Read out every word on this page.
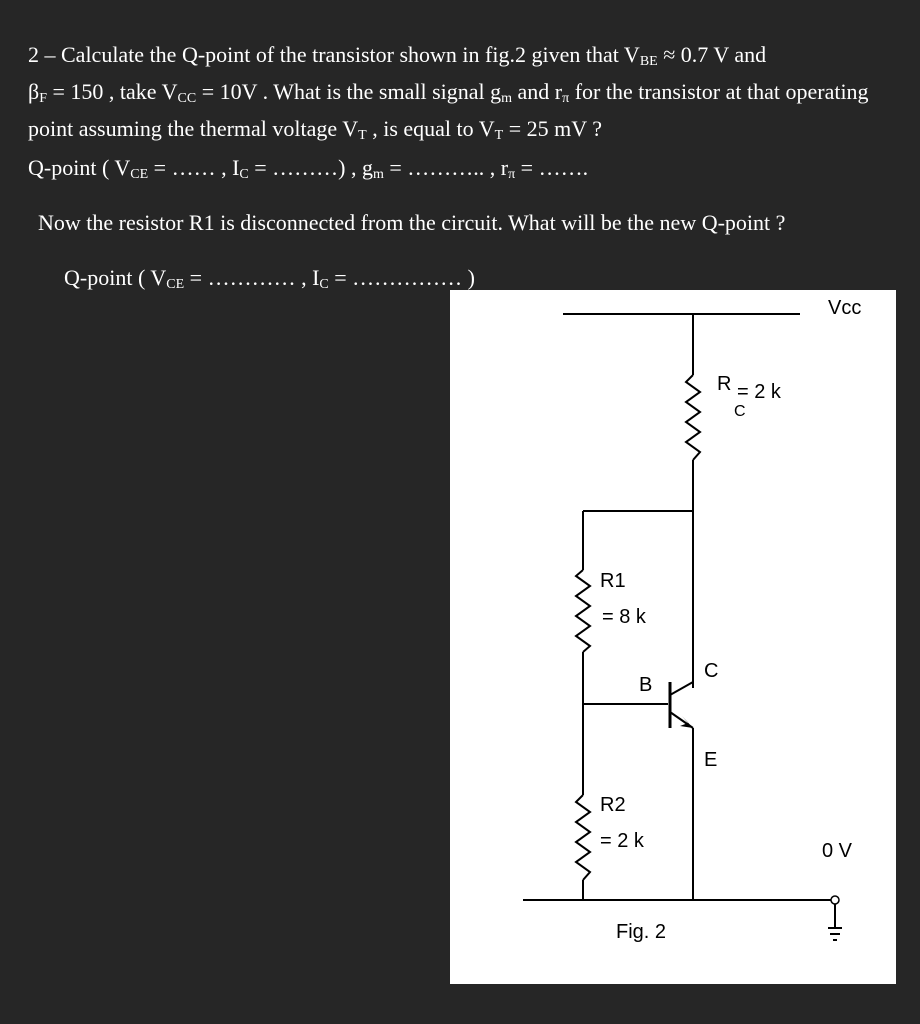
2 – Calculate the Q-point of the transistor shown in fig.2 given that $V_{BE} \approx 0.7$ V and
$\beta_F = 150$ , take $V_{CC} = 10V$ . What is the small signal $g_m$ and $r_\pi$ for the transistor at that operating point assuming the thermal voltage $V_T$ , is equal to $V_T = 25$ mV ?
Q-point ( $V_{CE}$ = …… , $I_C$ = ………) , $g_m$ = ……….. , $r_\pi$ = …….
Now the resistor R1 is disconnected from the circuit. What will be the new Q-point ?
Q-point ( $V_{CE}$ = ………… , $I_C$ = …………… )
Vcc
R
C
= 2 k
R1
= 8 k
B
C
E
R2
= 2 k	0 V
Fig. 2
